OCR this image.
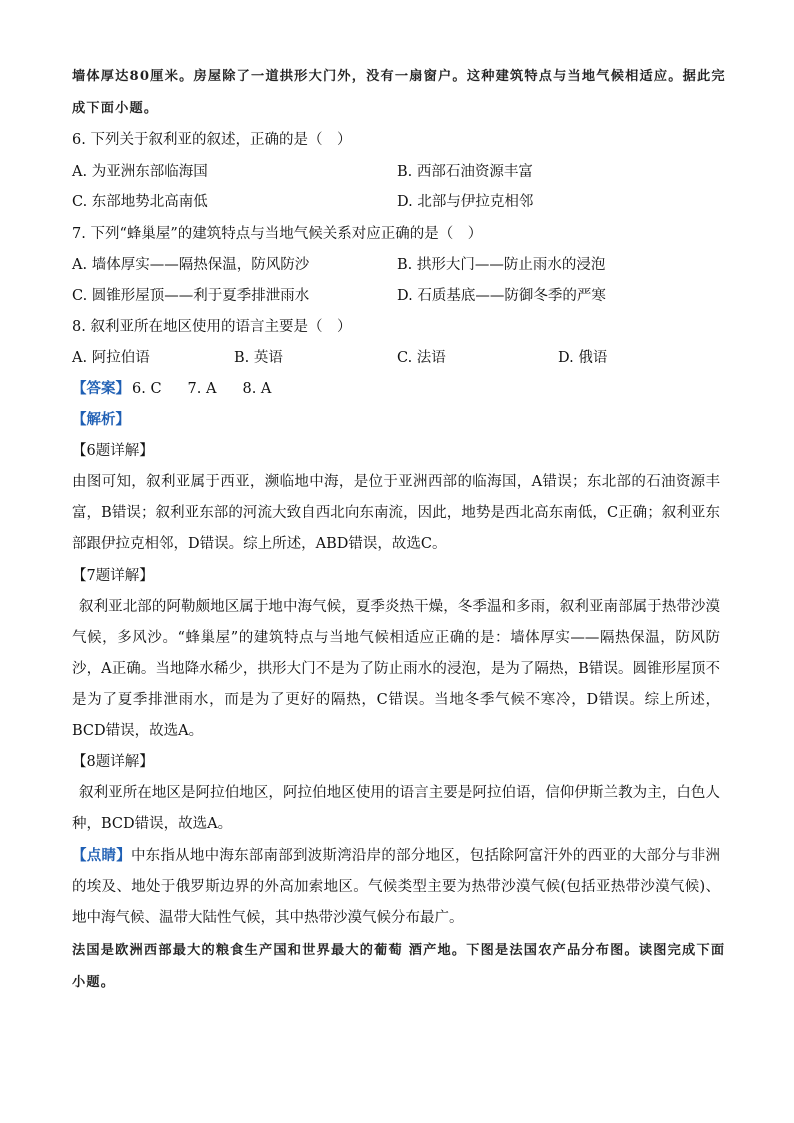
墙体厚达80厘米。房屋除了一道拱形大门外，没有一扇窗户。这种建筑特点与当地气候相适应。据此完
成下面小题。
6. 下列关于叙利亚的叙述，正确的是（　）
A. 为亚洲东部临海国	B. 西部石油资源丰富
C. 东部地势北高南低	D. 北部与伊拉克相邻
7. 下列“蜂巢屋”的建筑特点与当地气候关系对应正确的是（　）
A. 墙体厚实——隔热保温，防风防沙	B. 拱形大门——防止雨水的浸泡
C. 圆锥形屋顶——利于夏季排泄雨水	D. 石质基底——防御冬季的严寒
8. 叙利亚所在地区使用的语言主要是（　）
A. 阿拉伯语	B. 英语	C. 法语	D. 俄语
【答案】 6. C 7. A 8. A
【解析】
【6题详解】
由图可知，叙利亚属于西亚，濒临地中海，是位于亚洲西部的临海国，A错误；东北部的石油资源丰富，B错误；叙利亚东部的河流大致自西北向东南流，因此，地势是西北高东南低，C正确；叙利亚东部跟伊拉克相邻，D错误。综上所述，ABD错误，故选C。
【7题详解】
叙利亚北部的阿勒颇地区属于地中海气候，夏季炎热干燥，冬季温和多雨，叙利亚南部属于热带沙漠气候，多风沙。“蜂巢屋”的建筑特点与当地气候相适应正确的是：墙体厚实——隔热保温，防风防沙，A正确。当地降水稀少，拱形大门不是为了防止雨水的浸泡，是为了隔热，B错误。圆锥形屋顶不是为了夏季排泄雨水，而是为了更好的隔热，C错误。当地冬季气候不寒冷，D错误。综上所述，BCD错误，故选A。
【8题详解】
叙利亚所在地区是阿拉伯地区，阿拉伯地区使用的语言主要是阿拉伯语，信仰伊斯兰教为主，白色人种，BCD错误，故选A。
【点睛】中东指从地中海东部南部到波斯湾沿岸的部分地区，包括除阿富汗外的西亚的大部分与非洲的埃及、地处于俄罗斯边界的外高加索地区。气候类型主要为热带沙漠气候(包括亚热带沙漠气候)、地中海气候、温带大陆性气候，其中热带沙漠气候分布最广。
法国是欧洲西部最大的粮食生产国和世界最大的葡萄 酒产地。下图是法国农产品分布图。读图完成下面
小题。
